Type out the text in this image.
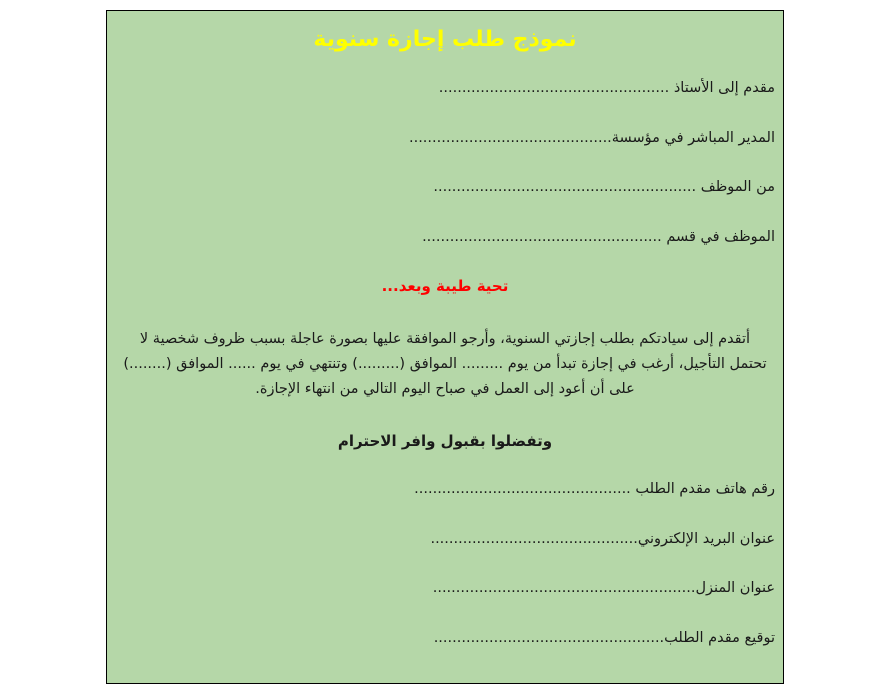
نموذج طلب إجازة سنوية
مقدم إلى الأستاذ ..................................................
المدير المباشر في مؤسسة............................................
من الموظف .........................................................
الموظف في قسم ....................................................
تحية طيبة وبعد...
أتقدم إلى سيادتكم بطلب إجازتي السنوية، وأرجو الموافقة عليها بصورة عاجلة بسبب ظروف شخصية لا
تحتمل التأجيل، أرغب في إجازة تبدأ من يوم ......... الموافق (.........) وتنتهي في يوم ...... الموافق (........)
على أن أعود إلى العمل في صباح اليوم التالي من انتهاء الإجازة.
وتفضلوا بقبول وافر الاحترام
رقم هاتف مقدم الطلب ...............................................
عنوان البريد الإلكتروني.............................................
عنوان المنزل.........................................................
توقيع مقدم الطلب..................................................
